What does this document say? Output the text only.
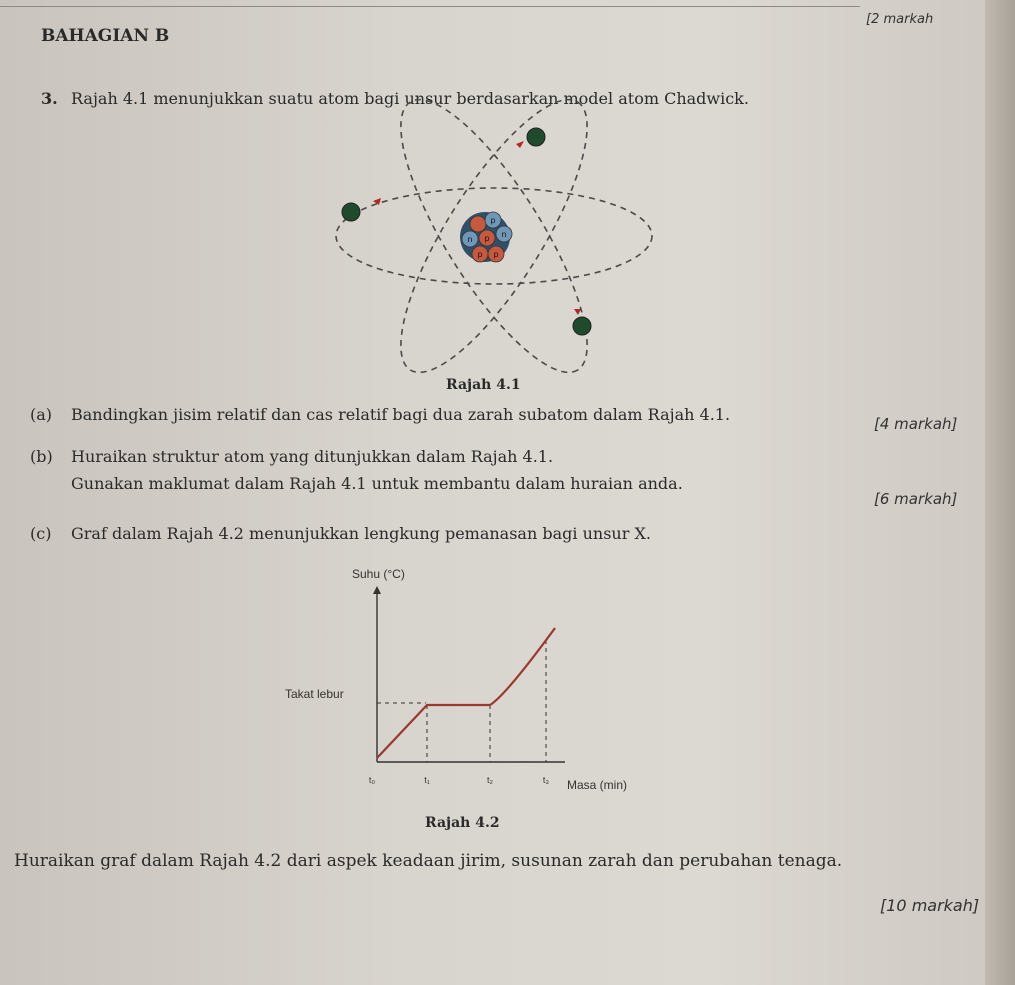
[2 markah
BAHAGIAN B
3. Rajah 4.1 menunjukkan suatu atom bagi unsur berdasarkan model atom Chadwick.
p
n
p
n
p p
Rajah 4.1
(a) Bandingkan jisim relatif dan cas relatif bagi dua zarah subatom dalam Rajah 4.1.	[4 markah]
(b) Huraikan struktur atom yang ditunjukkan dalam Rajah 4.1.
Gunakan maklumat dalam Rajah 4.1 untuk membantu dalam huraian anda.
[6 markah]
(c) Graf dalam Rajah 4.2 menunjukkan lengkung pemanasan bagi unsur X.
Suhu (°C)
Masa (min)
Takat lebur
t₀	t₁	t₂	t₃
Rajah 4.2
Huraikan graf dalam Rajah 4.2 dari aspek keadaan jirim, susunan zarah dan perubahan tenaga.
[10 markah]
